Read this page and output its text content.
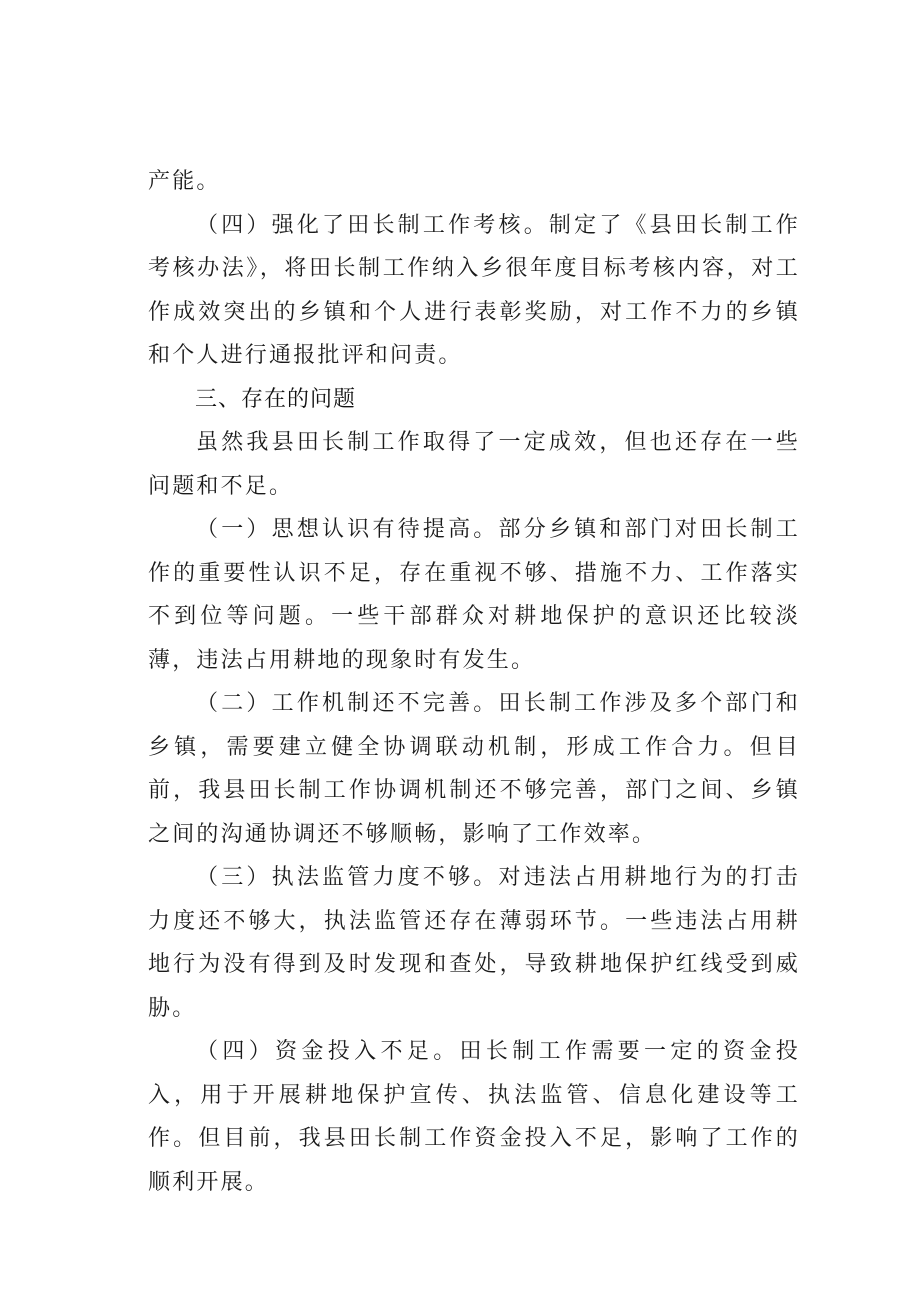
产能。

（四）强化了田长制工作考核。制定了《县田长制工作考核办法》，将田长制工作纳入乡很年度目标考核内容，对工作成效突出的乡镇和个人进行表彰奖励，对工作不力的乡镇和个人进行通报批评和问责。

三、存在的问题

虽然我县田长制工作取得了一定成效，但也还存在一些问题和不足。

（一）思想认识有待提高。部分乡镇和部门对田长制工作的重要性认识不足，存在重视不够、措施不力、工作落实不到位等问题。一些干部群众对耕地保护的意识还比较淡薄，违法占用耕地的现象时有发生。

（二）工作机制还不完善。田长制工作涉及多个部门和乡镇，需要建立健全协调联动机制，形成工作合力。但目前，我县田长制工作协调机制还不够完善，部门之间、乡镇之间的沟通协调还不够顺畅，影响了工作效率。

（三）执法监管力度不够。对违法占用耕地行为的打击力度还不够大，执法监管还存在薄弱环节。一些违法占用耕地行为没有得到及时发现和查处，导致耕地保护红线受到威胁。

（四）资金投入不足。田长制工作需要一定的资金投入，用于开展耕地保护宣传、执法监管、信息化建设等工作。但目前，我县田长制工作资金投入不足，影响了工作的顺利开展。
